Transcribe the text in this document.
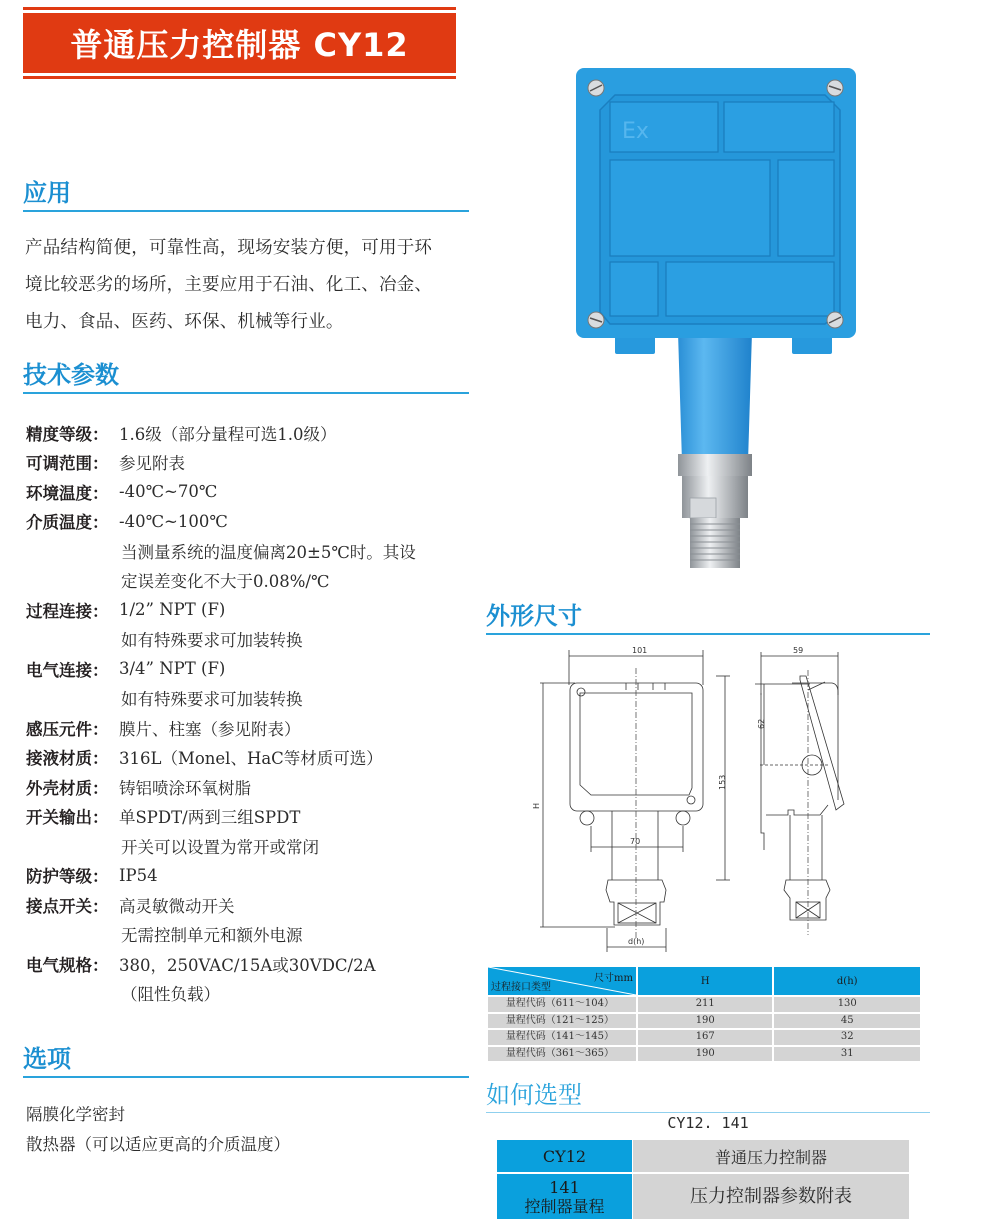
普通压力控制器 CY12
应用
产品结构简便，可靠性高，现场安装方便，可用于环
境比较恶劣的场所，主要应用于石油、化工、冶金、
电力、食品、医药、环保、机械等行业。
技术参数
精度等级： 1.6级（部分量程可选1.0级）
可调范围： 参见附表
环境温度： -40℃~70℃
介质温度： -40℃~100℃
当测量系统的温度偏离20±5℃时。其设
定误差变化不大于0.08%/℃
过程连接： 1/2” NPT (F)
如有特殊要求可加装转换
电气连接： 3/4” NPT (F)
如有特殊要求可加装转换
感压元件： 膜片、柱塞（参见附表）
接液材质： 316L（Monel、HaC等材质可选）
外壳材质： 铸铝喷涂环氧树脂
开关输出： 单SPDT/两到三组SPDT
开关可以设置为常开或常闭
防护等级： IP54
接点开关： 高灵敏微动开关
无需控制单元和额外电源
电气规格： 380，250VAC/15A或30VDC/2A
（阻性负载）
选项
隔膜化学密封
散热器（可以适应更高的介质温度）
Ex
外形尺寸
101
70
d(h)
H
153
59
62
尺寸mm
过程接口类型	H	d(h)
量程代码（611～104）	211	130
量程代码（121～125）	190	45
量程代码（141～145）	167	32
量程代码（361～365）	190	31
如何选型
CY12. 141
CY12	普通压力控制器

141
控制器量程	压力控制器参数附表
